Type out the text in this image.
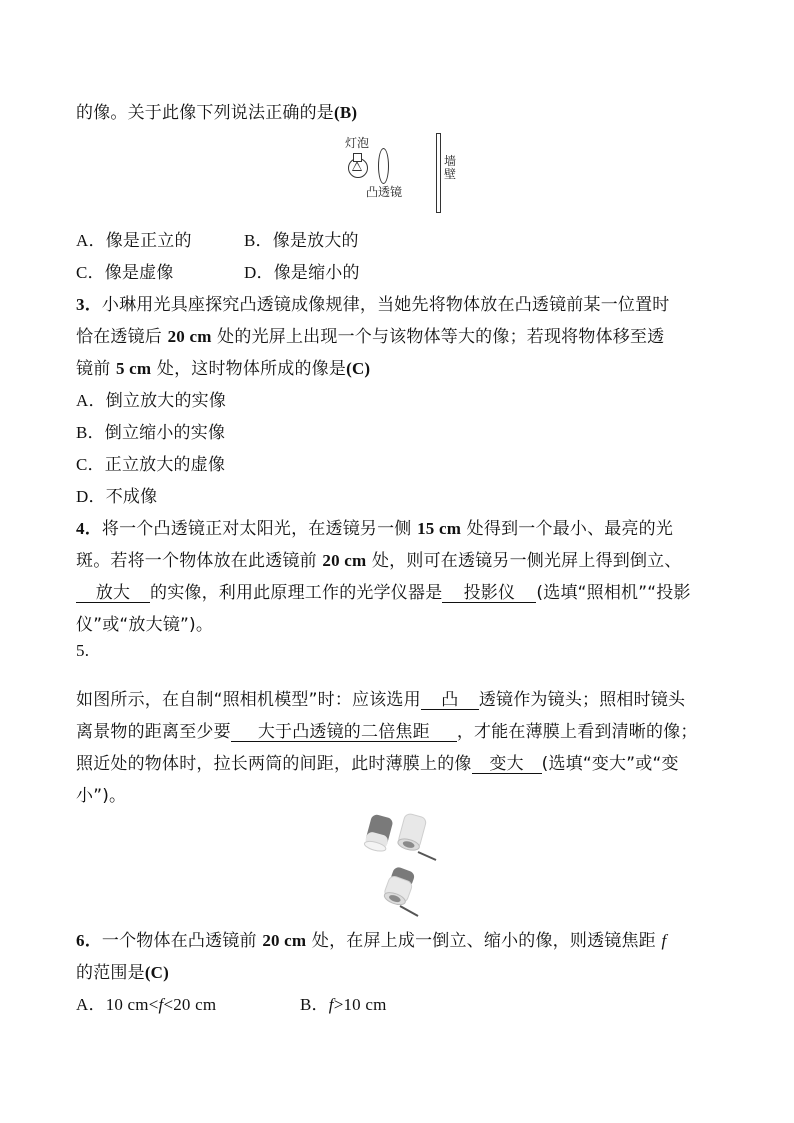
的像。关于此像下列说法正确的是(B)
灯泡
凸透镜
墙壁
A．像是正立的	B．像是放大的
C．像是虚像	D．像是缩小的
3．小琳用光具座探究凸透镜成像规律，当她先将物体放在凸透镜前某一位置时
恰在透镜后 20 cm 处的光屏上出现一个与该物体等大的像；若现将物体移至透
镜前 5 cm 处，这时物体所成的像是(C)
A．倒立放大的实像
B．倒立缩小的实像
C．正立放大的虚像
D．不成像
4．将一个凸透镜正对太阳光，在透镜另一侧 15 cm 处得到一个最小、最亮的光
斑。若将一个物体放在此透镜前 20 cm 处，则可在透镜另一侧光屏上得到倒立、
放大 的实像，利用此原理工作的光学仪器是 投影仪 (选填“照相机”“投影
仪”或“放大镜”)。
5.
如图所示，在自制“照相机模型”时：应该选用 凸 透镜作为镜头；照相时镜头
离景物的距离至少要 大于凸透镜的二倍焦距 ，才能在薄膜上看到清晰的像；
照近处的物体时，拉长两筒的间距，此时薄膜上的像 变大 (选填“变大”或“变
小”)。
6．一个物体在凸透镜前 20 cm 处，在屏上成一倒立、缩小的像，则透镜焦距 f
的范围是(C)
A．10 cm<f<20 cm	B．f>10 cm
